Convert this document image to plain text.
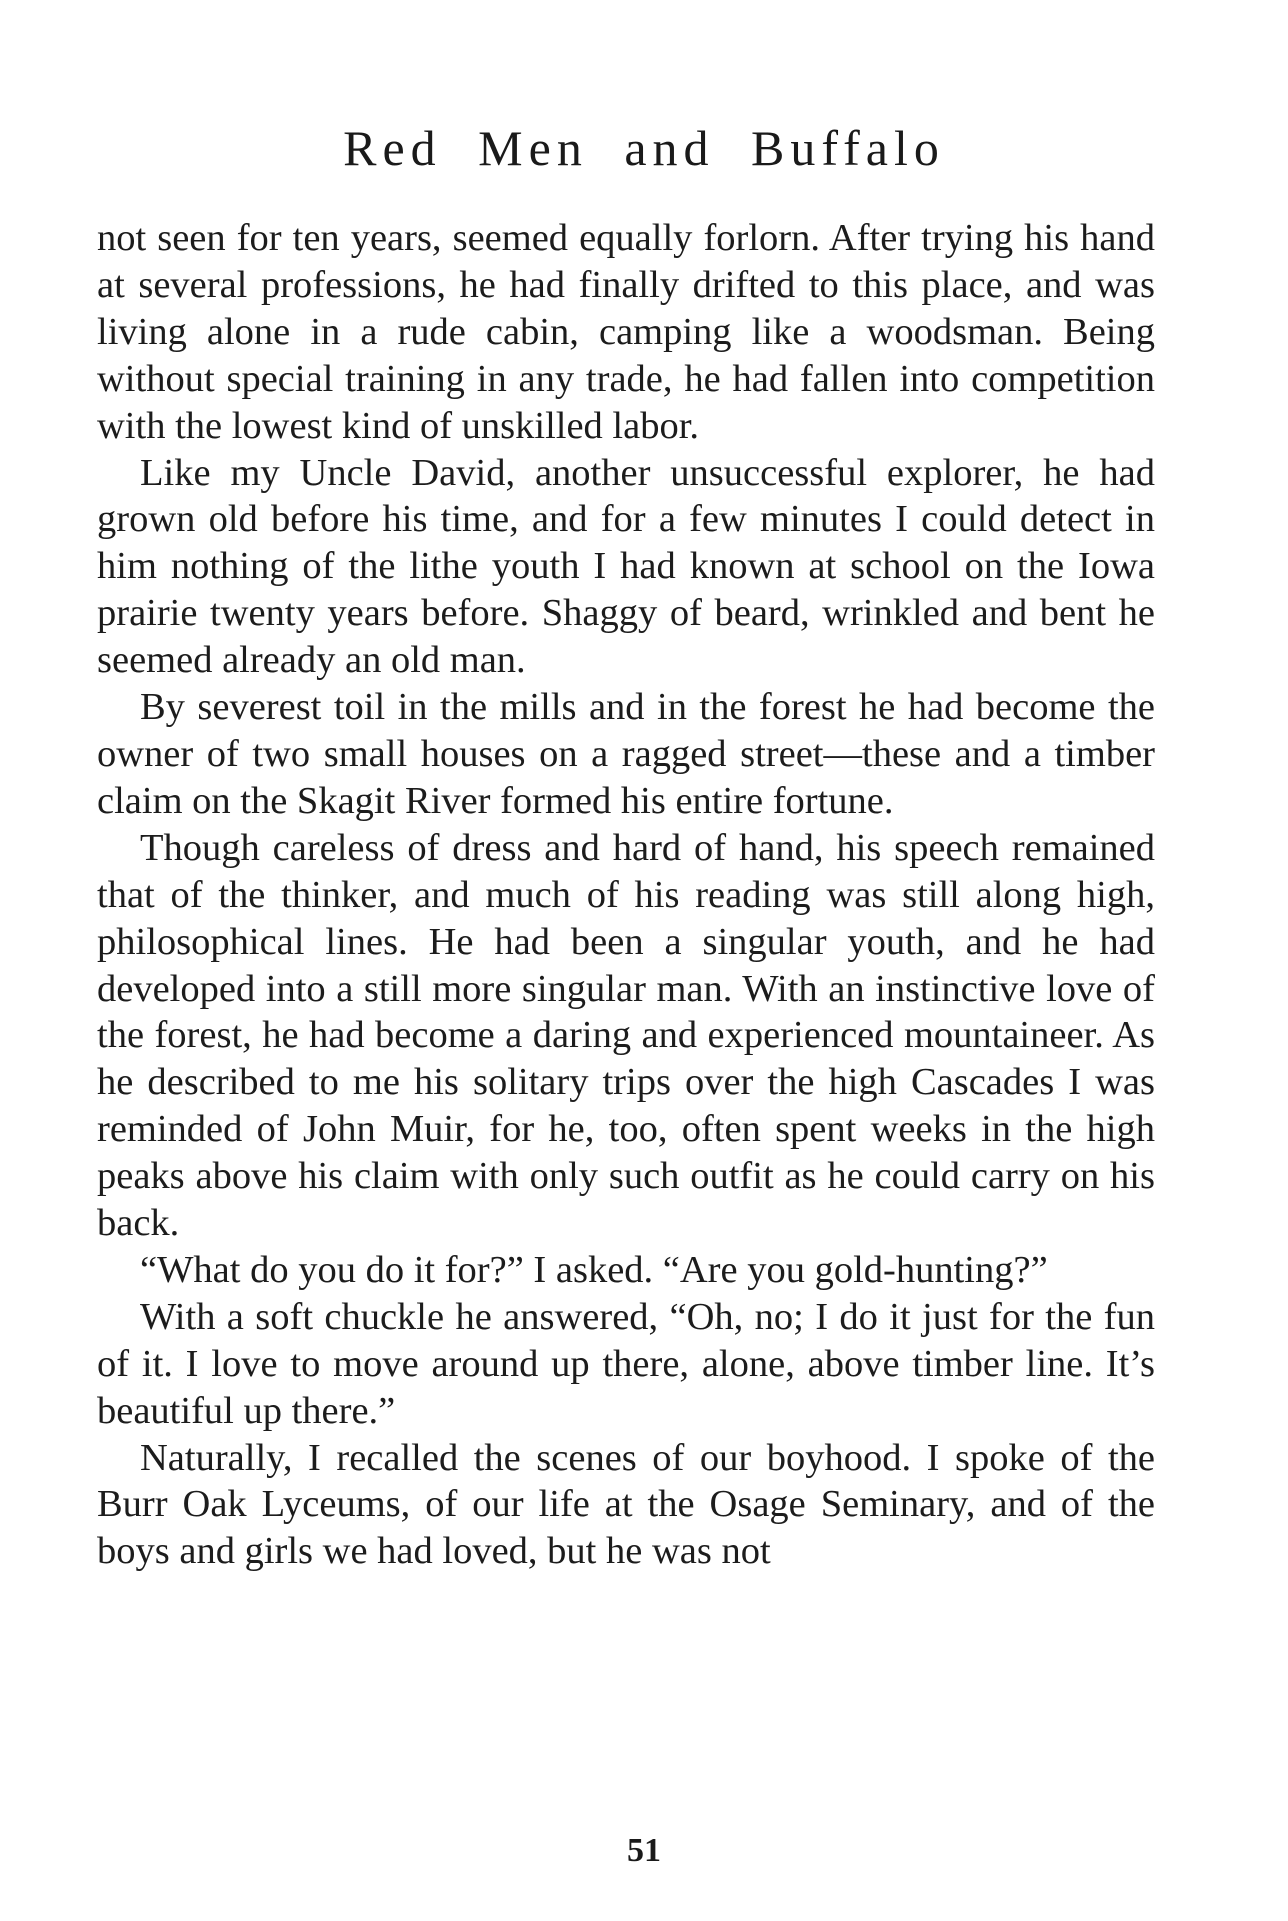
Red Men and Buffalo

not seen for ten years, seemed equally forlorn. After trying his hand at several professions, he had finally drifted to this place, and was living alone in a rude cabin, camping like a woodsman. Being without special training in any trade, he had fallen into competition with the lowest kind of unskilled labor.

Like my Uncle David, another unsuccessful explorer, he had grown old before his time, and for a few minutes I could detect in him nothing of the lithe youth I had known at school on the Iowa prairie twenty years before. Shaggy of beard, wrinkled and bent he seemed already an old man.

By severest toil in the mills and in the forest he had become the owner of two small houses on a ragged street—these and a timber claim on the Skagit River formed his entire fortune.

Though careless of dress and hard of hand, his speech remained that of the thinker, and much of his reading was still along high, philosophical lines. He had been a singular youth, and he had developed into a still more singular man. With an instinctive love of the forest, he had become a daring and experienced mountaineer. As he described to me his solitary trips over the high Cascades I was reminded of John Muir, for he, too, often spent weeks in the high peaks above his claim with only such outfit as he could carry on his back.

“What do you do it for?” I asked. “Are you gold-hunting?”

With a soft chuckle he answered, “Oh, no; I do it just for the fun of it. I love to move around up there, alone, above timber line. It’s beautiful up there.”

Naturally, I recalled the scenes of our boyhood. I spoke of the Burr Oak Lyceums, of our life at the Osage Seminary, and of the boys and girls we had loved, but he was not

51
